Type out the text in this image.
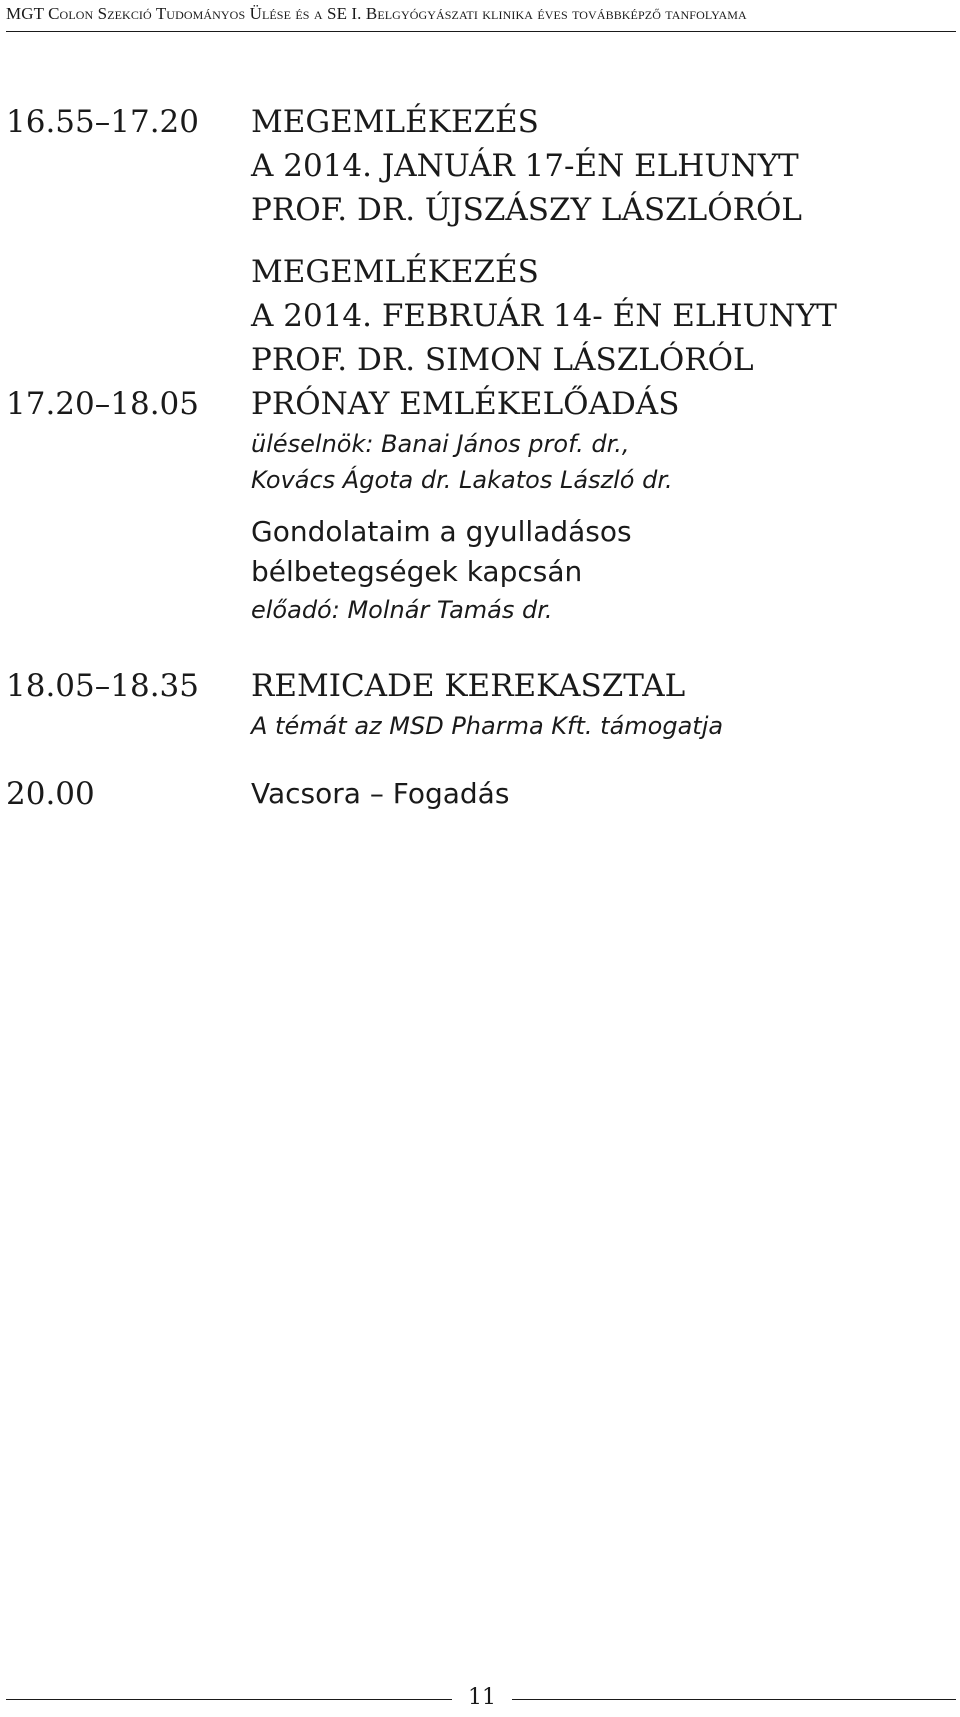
MGT Colon Szekció Tudományos Ülése és a SE I. Belgyógyászati klinika éves továbbképző tanfolyama
16.55–17.20 MEGEMLÉKEZÉS
A 2014. JANUÁR 17-ÉN ELHUNYT
PROF. DR. ÚJSZÁSZY LÁSZLÓRÓL
MEGEMLÉKEZÉS
A 2014. FEBRUÁR 14- ÉN ELHUNYT
PROF. DR. SIMON LÁSZLÓRÓL
17.20–18.05 PRÓNAY EMLÉKELŐADÁS
üléselnök: Banai János prof. dr.,
Kovács Ágota dr. Lakatos László dr.
Gondolataim a gyulladásos
bélbetegségek kapcsán
előadó: Molnár Tamás dr.
18.05–18.35 REMICADE KEREKASZTAL
A témát az MSD Pharma Kft. támogatja
20.00	Vacsora – Fogadás
11
